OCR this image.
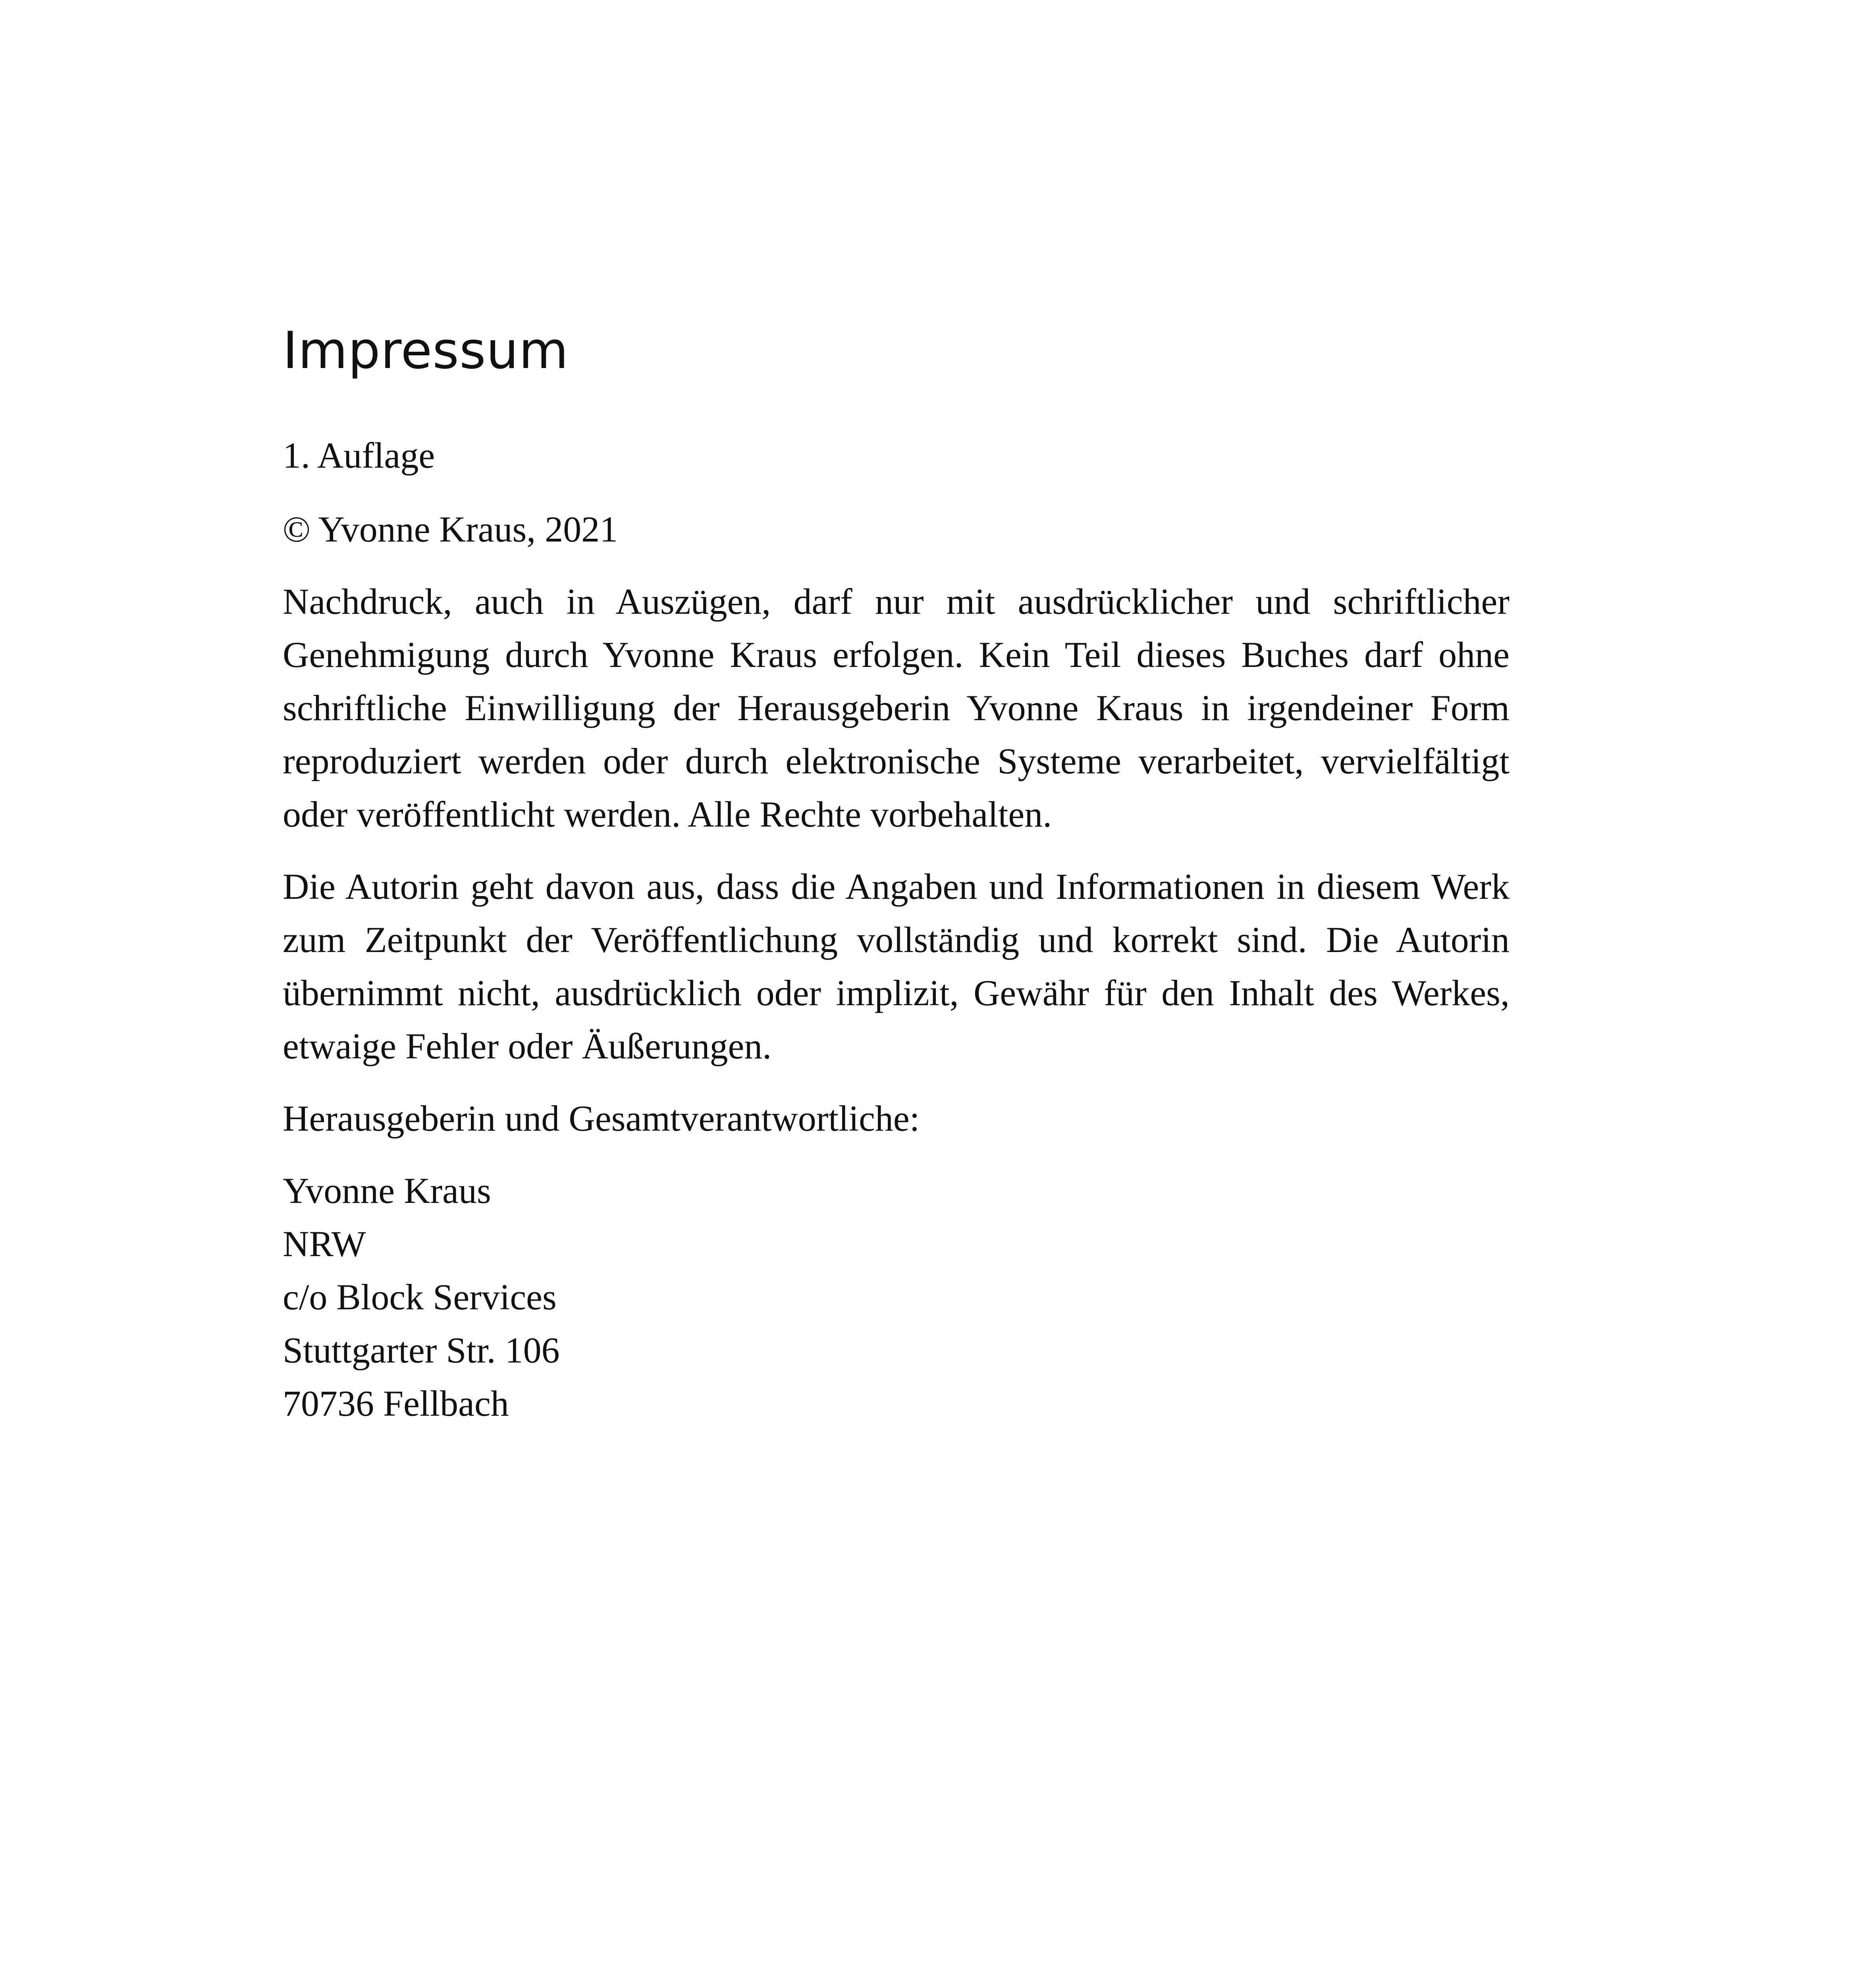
Impressum

1. Auflage

© Yvonne Kraus, 2021

Nachdruck, auch in Auszügen, darf nur mit ausdrücklicher und schriftlicher Genehmigung durch Yvonne Kraus erfolgen. Kein Teil dieses Buches darf ohne schriftliche Einwilligung der Herausgeberin Yvonne Kraus in irgendeiner Form reproduziert werden oder durch elektronische Systeme verarbeitet, vervielfältigt oder veröffentlicht werden. Alle Rechte vorbehalten.

Die Autorin geht davon aus, dass die Angaben und Informationen in diesem Werk zum Zeitpunkt der Veröffentlichung vollständig und korrekt sind. Die Autorin übernimmt nicht, ausdrücklich oder implizit, Gewähr für den Inhalt des Werkes, etwaige Fehler oder Äußerungen.

Herausgeberin und Gesamtverantwortliche:

Yvonne Kraus
NRW
c/o Block Services
Stuttgarter Str. 106
70736 Fellbach
